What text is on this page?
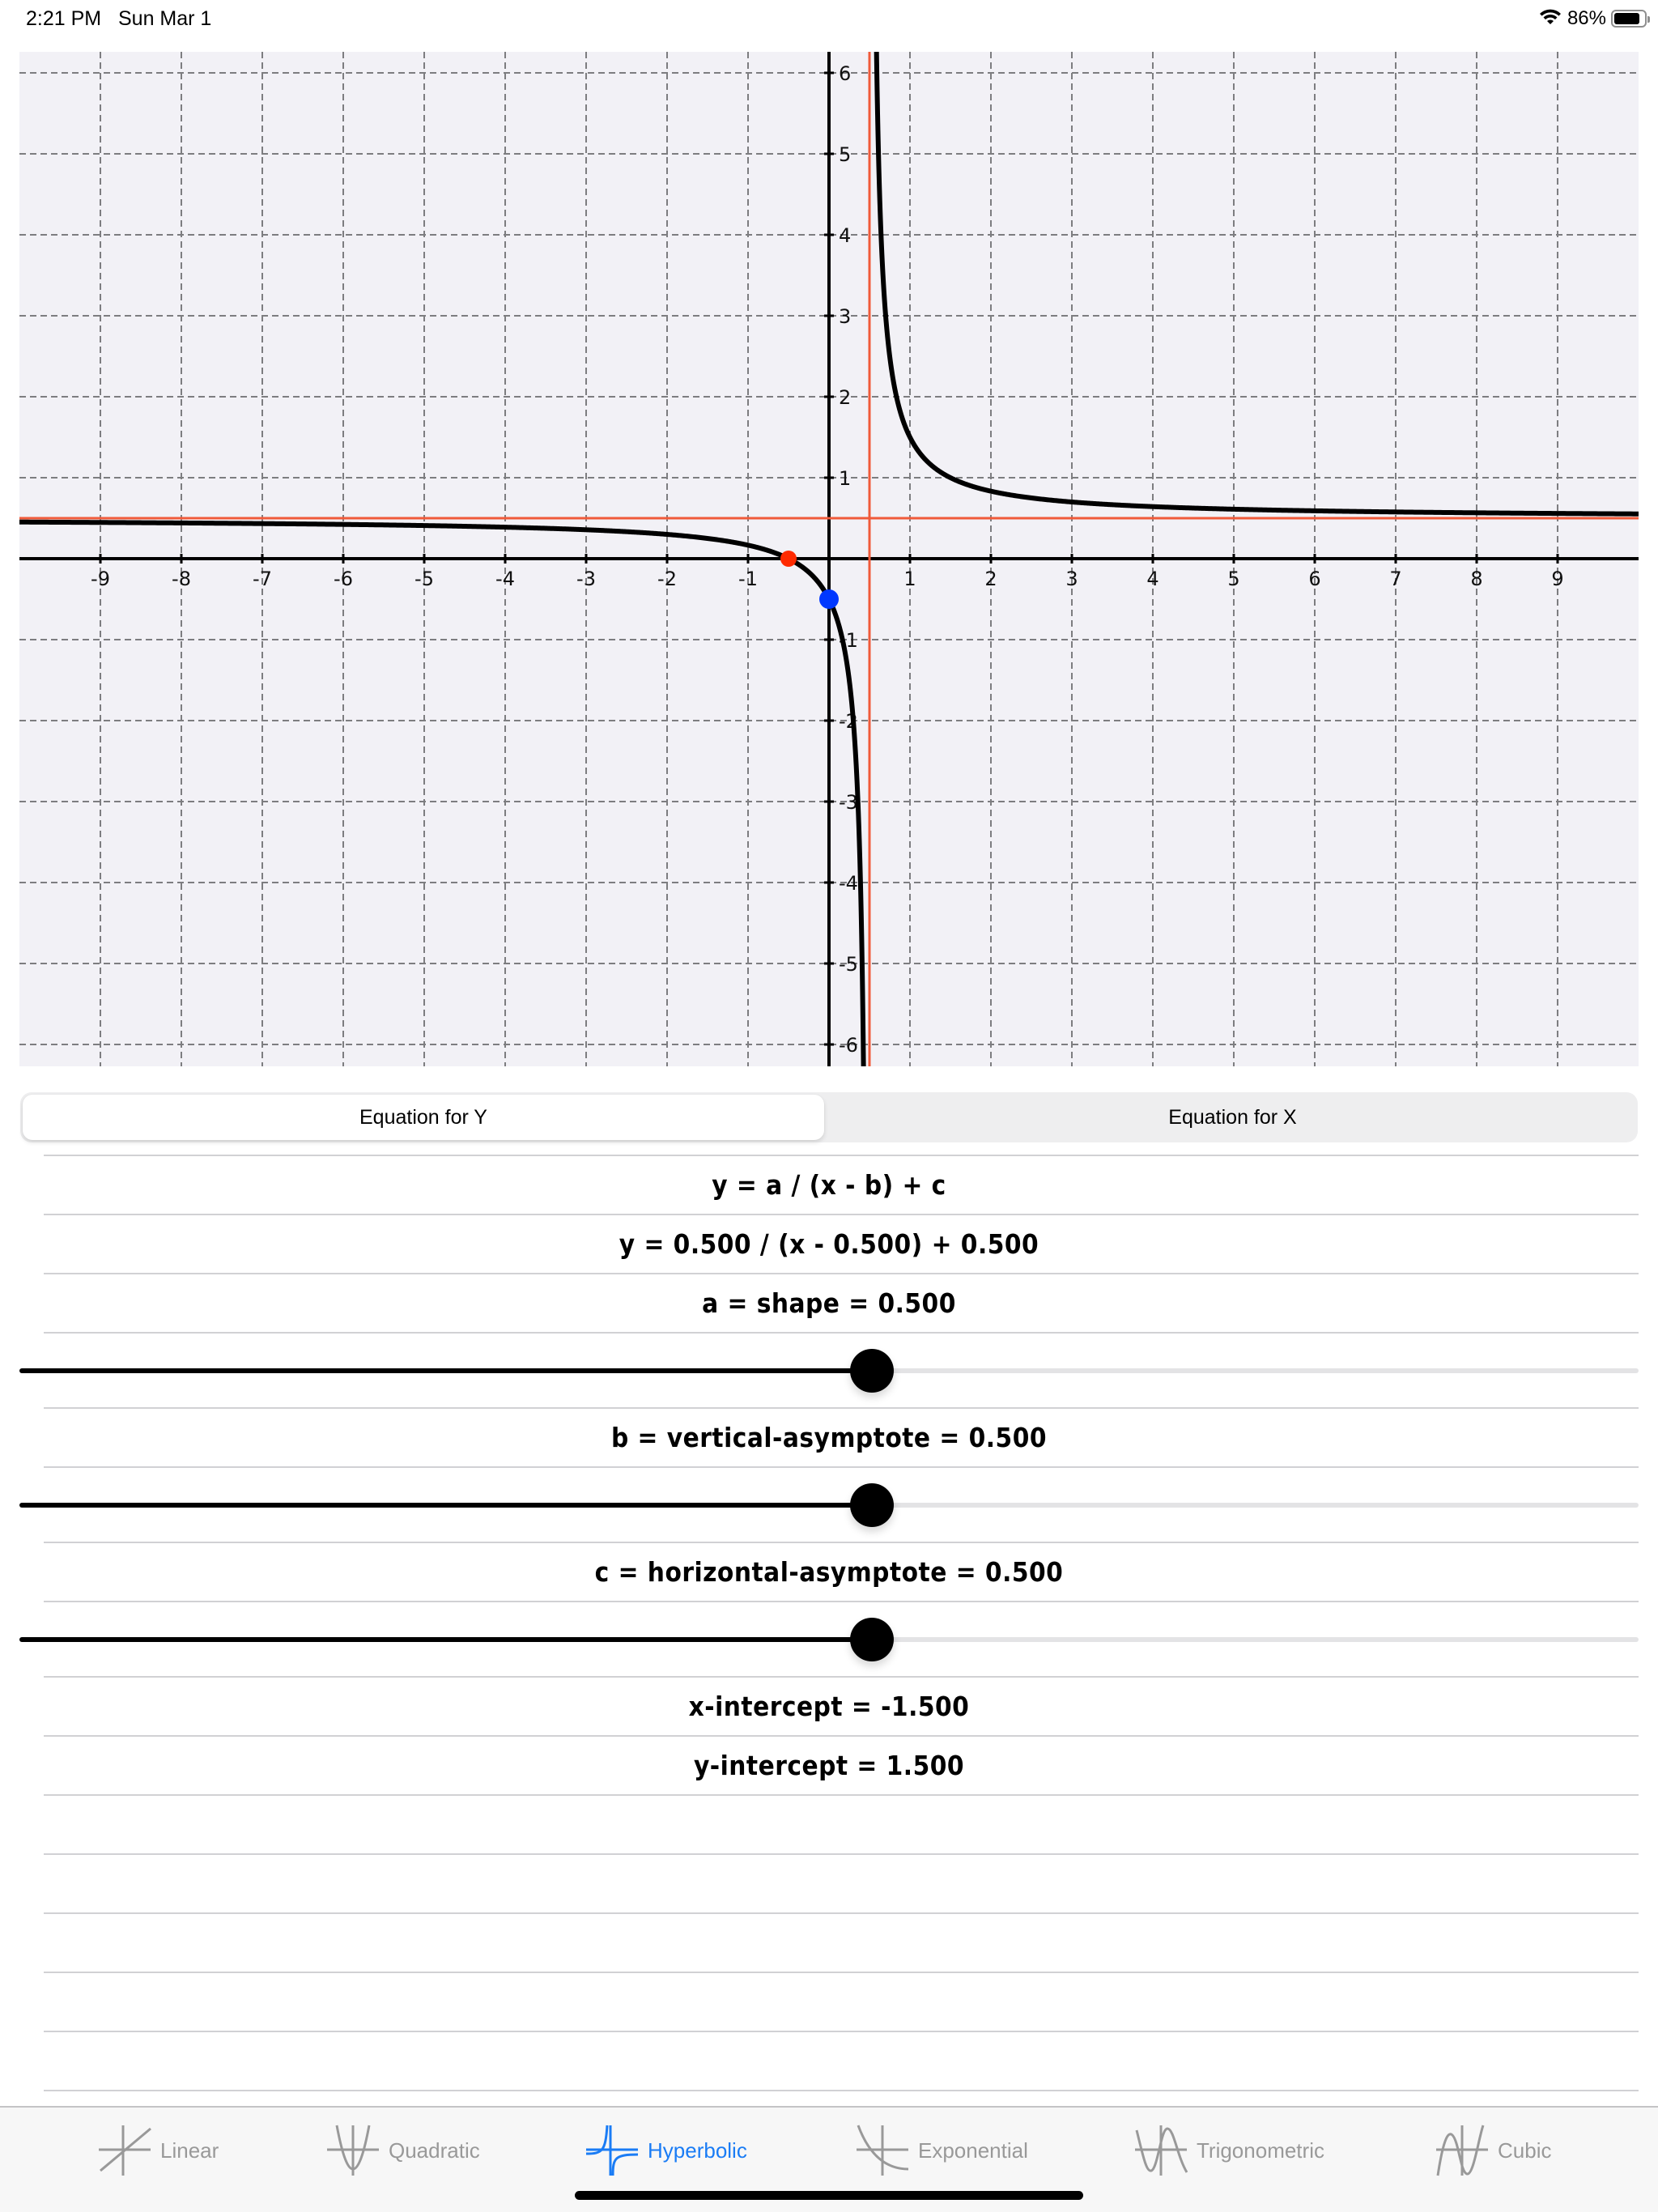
2:21 PM Sun Mar 1	86%
-9	-8	-7	-6	-5	-4	-3	-2	-1	1	2	3	4	5	6	7	8	9
6
5
4
3
2
1
-1
-2
-3
-4
-5
-6
Equation for Y	Equation for X
y = a / (x - b) + c
y = 0.500 / (x - 0.500) + 0.500
a = shape = 0.500
b = vertical-asymptote = 0.500
c = horizontal-asymptote = 0.500
x-intercept = -1.500
y-intercept = 1.500
Linear	Quadratic	Hyperbolic	Exponential	Trigonometric	Cubic
